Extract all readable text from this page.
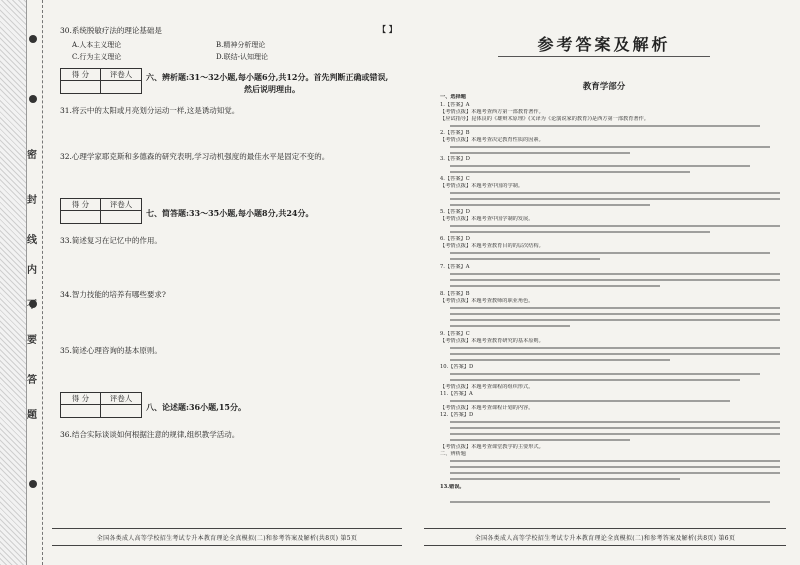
密
封
线
内
不
要
答
题
30.系统脱敏疗法的理论基础是	【 】
A.人本主义理论	B.精神分析理论
C.行为主义理论	D.联结-认知理论
得 分	评卷人	六、辨析题:31～32小题,每小题6分,共12分。首先判断正确或错误,
然后说明理由。
31.将云中的太阳或月亮划分运动一样,这是诱动知觉。
32.心理学家耶克斯和多德森的研究表明,学习动机强度的最佳水平是固定不变的。
得 分	评卷人
七、简答题:33～35小题,每小题8分,共24分。
33.简述复习在记忆中的作用。
34.智力技能的培养有哪些要求?
35.简述心理咨询的基本原则。
得 分	评卷人
八、论述题:36小题,15分。
36.结合实际谈谈如何根据注意的规律,组织教学活动。
全国各类成人高等学校招生考试专升本教育理论全真模拟(二)和参考答案及解析(共8页) 第5页
参考答案及解析
教育学部分
一、选择题
1.【答案】A
【考情点拨】本题考查西方第一部教育著作。
【应试指导】昆体良的《雄辩术原理》(又译为《论演说家的教育》)是西方第一部教育著作。
2.【答案】B
【考情点拨】本题考查决定教育性质的因素。
3.【答案】D
4.【答案】C
【考情点拨】本题考查中国的学制。
5.【答案】D
【考情点拨】本题考查中国学制的发展。
6.【答案】D
【考情点拨】本题考查教育目的的层次结构。
7.【答案】A
8.【答案】B
【考情点拨】本题考查教师的职业角色。
9.【答案】C
【考情点拨】本题考查教育研究的基本原则。
10.【答案】D
【考情点拨】本题考查课程的组织形式。
11.【答案】A
【考情点拨】本题考查课程计划的内容。
12.【答案】D
【考情点拨】本题考查课堂教学的主要形式。
二、辨析题
13.错误。
全国各类成人高等学校招生考试专升本教育理论全真模拟(二)和参考答案及解析(共8页) 第6页
